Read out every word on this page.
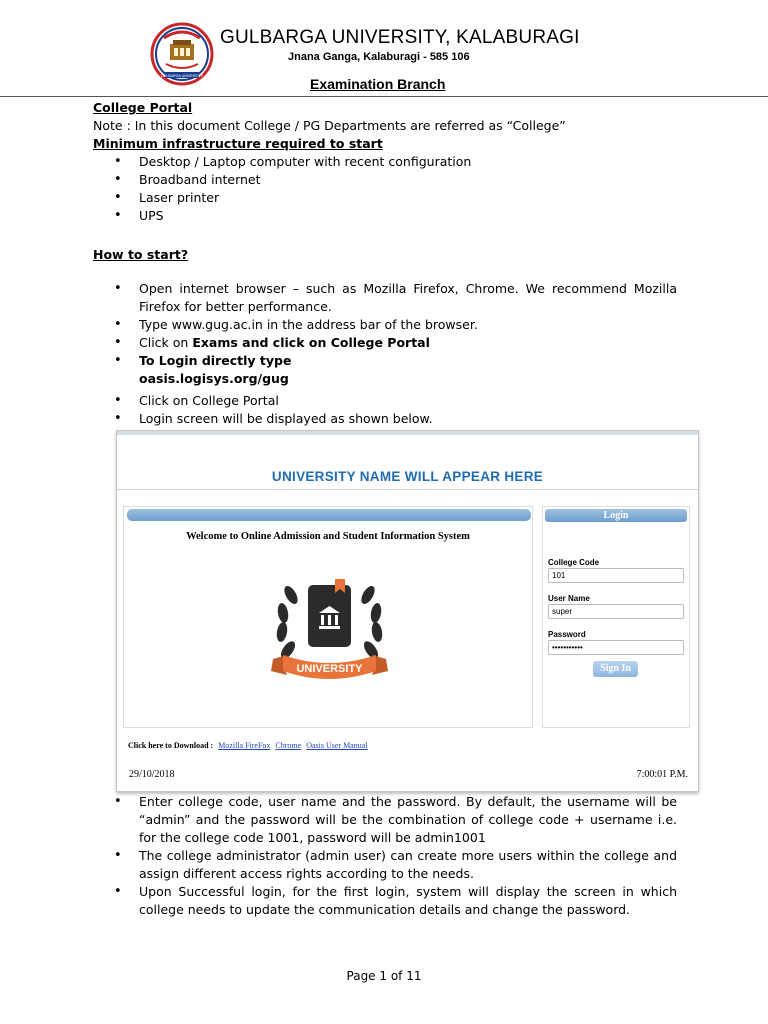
GULBARGA UNIVERSITY
GULBARGA UNIVERSITY, KALABURAGI
Jnana Ganga, Kalaburagi - 585 106
Examination Branch
College Portal
Note : In this document College / PG Departments are referred as “College”
Minimum infrastructure required to start
• Desktop / Laptop computer with recent configuration
• Broadband internet
• Laser printer
• UPS
How to start?
• Open internet browser – such as Mozilla Firefox, Chrome. We recommend Mozilla Firefox for better performance.
• Type www.gug.ac.in in the address bar of the browser.
• Click on Exams and click on College Portal
• To Login directly type
oasis.logisys.org/gug
• Click on College Portal
• Login screen will be displayed as shown below.
UNIVERSITY NAME WILL APPEAR HERE
Welcome to Online Admission and Student Information System
UNIVERSITY
Login
College Code
101
User Name
super
Password
•••••••••••
Sign In
Click here to Download : Mozilla FireFox Chrome Oasis User Manual
29/10/2018	7:00:01 P.M.
• Enter college code, user name and the password. By default, the username will be “admin” and the password will be the combination of college code + username i.e. for the college code 1001, password will be admin1001
• The college administrator (admin user) can create more users within the college and assign different access rights according to the needs.
• Upon Successful login, for the first login, system will display the screen in which college needs to update the communication details and change the password.
Page 1 of 11
